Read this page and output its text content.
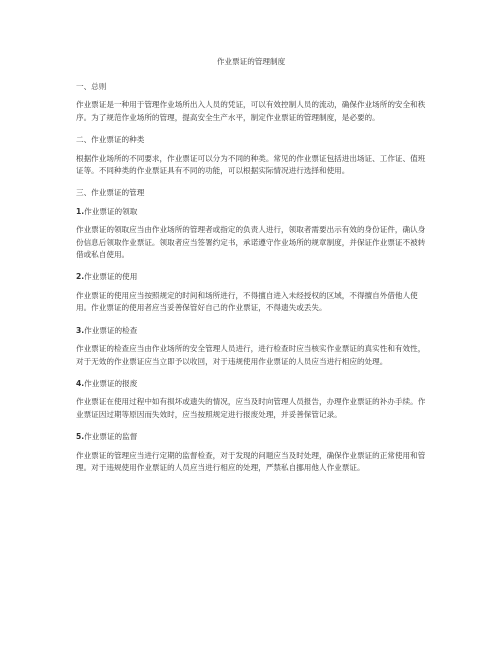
作业票证的管理制度
一、总则
作业票证是一种用于管理作业场所出入人员的凭证，可以有效控制人员的流动，确保作业场所的安全和秩序。为了规范作业场所的管理，提高安全生产水平，制定作业票证的管理制度，是必要的。
二、作业票证的种类
根据作业场所的不同要求，作业票证可以分为不同的种类。常见的作业票证包括进出场证、工作证、值班证等。不同种类的作业票证具有不同的功能，可以根据实际情况进行选择和使用。
三、作业票证的管理
1.作业票证的领取
作业票证的领取应当由作业场所的管理者或指定的负责人进行，领取者需要出示有效的身份证件，确认身份信息后领取作业票证。领取者应当签署约定书，承诺遵守作业场所的规章制度，并保证作业票证不被转借或私自使用。
2.作业票证的使用
作业票证的使用应当按照规定的时间和场所进行，不得擅自进入未经授权的区域，不得擅自外借他人使用。作业票证的使用者应当妥善保管好自己的作业票证，不得遗失或丢失。
3.作业票证的检查
作业票证的检查应当由作业场所的安全管理人员进行，进行检查时应当核实作业票证的真实性和有效性，对于无效的作业票证应当立即予以收回，对于违规使用作业票证的人员应当进行相应的处理。
4.作业票证的报废
作业票证在使用过程中如有损坏或遗失的情况，应当及时向管理人员报告，办理作业票证的补办手续。作业票证因过期等原因而失效时，应当按照规定进行报废处理，并妥善保管记录。
5.作业票证的监督
作业票证的管理应当进行定期的监督检查，对于发现的问题应当及时处理，确保作业票证的正常使用和管理。对于违规使用作业票证的人员应当进行相应的处理，严禁私自挪用他人作业票证。
